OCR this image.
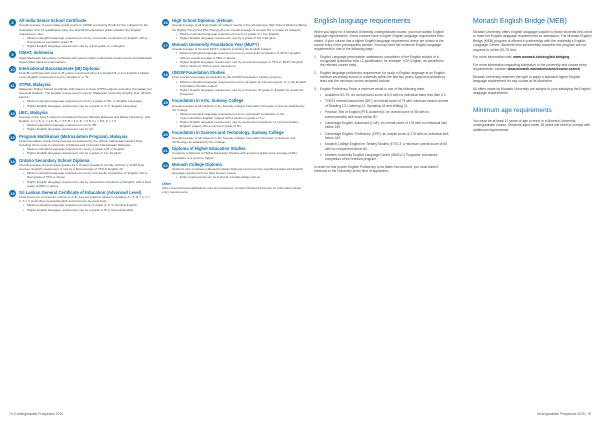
8	All India Senior School Certificate
Overall average of percentage grade points in 'CBSE' (excluding Hindi) for five subjects for the Australian Year 12 qualification plus one final ATAR-equivalent grade satisfies the English requirement, plus:
• Minimum English language requirement met by successful completion of 'English' with a final grade or equivalent grade 'B'.
• Higher English language requirement met by a final grade 'A' in English.
9	ISMAT, Indonesia
State Madrasah Secondary certificate with passes within Indonesian requirements and Madrasah Aliyah (MA) national examinations.
10	International Baccalaureate (IB) Diploma
Final IB certificate with total of 24 points overall including 3 in English B or 4 in English A Higher Level. English requirement met by 'English A' or 'B'.
11	STPM, Malaysia
Malaysian Higher School Certificate with passes in three STPM subjects including 'Pengajian Am' (General Studies). The English requirement is met by 'Malaysian University English Test' (MUET) band 4.
• Minimum English language requirement met by a grade of 'B+' in 'English Language'.
• Higher English language requirement met by a grade of 'A' in 'English Language'.
12	UEC, Malaysia
Average of the best 5 subjects (excluding Chinese, Bahasa Malaysia and Malay Literature), with English: A = 1.5; A- = 2.5; B+ = 3.5; B = 4.5; B- = 5.5; C+ = 6.5; C = 7.5.
• Minimum English language requirement met by B5.
• Higher English language requirement met by A2.
13	Program Matrikulasi (Matriculation Program), Malaysia
Final Cumulative Grade Point Average as awarded by the official matriculation award body including those used in University of Malaya and Universiti Kebangsaan Malaysia.
• Minimum English language requirement met by a grade of B in 'English'.
• Higher English language requirement met by a grade of A in 'English'.
14	Ontario Secondary School Diploma
Overall average of percentage grades for 6 Ontario Academic Credits (OACs) or 4U/M level courses. English requirement is met by a final average of 75% in English 4U.
• Minimum English language requirement met by successful completion of 'English' with a final grade of 70% or above.
• Higher English language requirement met by successful completion of 'English' with a final grade of 80% or above.
15	Sri Lankan General Certificate of Education (Advanced Level)
Final scores for a minimum of three G.C.E. A-Level subjects based on grading: A = 5, B = 4, C = 3, S = 2 (excluding General English and Common General Test).
• Minimum English language requirement met by a grade of 'C' in General English.
• Higher English language requirement met by a grade of 'B' in General English.
16	High School Diploma, Vietnam
Overall average of all final Grade 12 subject results in the Vietnamese High School Diploma (Bang Tot Nghiep Trung Hoc Pho Thong) plus an overall average of at least 8.0 in Grade 12 subjects.
• Minimum English language requirement met by a grade of 7.0 in English.
• Higher English language requirement met by a grade of 8.0 in English.
17	Monash University Foundation Year (MUFY)
Overall average of the best MUFY subjects including the English subject.
• Minimum English language requirement met by successful completion of 'MUFY English' with an overall average of 65% or above.
• Higher English language requirement met by an overall average of 75% in 'MUFY English' with a minimum 70% in each component.
18	UNSW Foundation Studies
Final overall percentage as awarded by the UNSW Foundation Studies program.
• Minimum English language requirement met by 'English' at minimum grade 'C' in the English Foundation Studies subject.
• Higher English language requirement met by a minimum 'B' grade in 'English for Academic Purposes'.
19	Foundation in Arts, Sunway College
Overall average of all subjects in the Sunway College Foundation Program in Arts as awarded by the College.
• Minimum English language requirement met by successful completion of the 'Communicative English' subject with a minimum grade of 'C+'.
• Higher English language requirement met by successful completion of 'Communicative English' subject with a minimum grade of 'B+'.
20	Foundation in Science and Technology, Sunway College
Overall average of all subjects in the Sunway College Foundation Program in Science and Technology as awarded by the College.
21	Diploma of Higher Education Studies
Complete a Diploma of Higher Education Studies with at least a grade point average (GPA) equivalent to a credit or higher.
22	Monash College Diploma
Students who complete a Monash College Diploma must meet the specified grades and English language requirements for their chosen course.
• Entry requirements can be found at monashcollege.edu.au
Other
Other international qualifications may be considered. Contact Monash University for information about entry requirements.
English language requirements

When you apply for a Monash University undergraduate course, you must satisfy English language requirements. Some courses have a higher English language requirement than others. If your course has a higher English language requirement, these are shown in the course entry in the prerequisites section. You may meet the minimum English language requirement in one of the following ways:

1. English Language prerequisite: satisfactory completion of the English subject of a recognised Australian Year 12 qualification, for example, VCE English, as specified in the relevant course entry.
2. English language proficiency requirement: for study in English language at an English-medium secondary school or university within the last two years. Approved proficiency tests and the minimum scores accepted include:
3. English Proficiency Tests: a minimum result in one of the following tests:
• Academic IELTS: an overall band score of 6.5 with no individual band less than 6.0.
• TOEFL Internet-based test (iBT): an overall score of 79 with minimum section scores of Reading 13, Listening 12, Speaking 18 and Writing 21.
• Pearson Test of English (PTE Academic): an overall score of 58 with no communicative skill score below 50.
• Cambridge English: Advanced (CAE): an overall score of 176 with no individual skill below 169.
• Cambridge English: Proficiency (CPE): an overall score of 176 with no individual skill below 169.
• Monash College English for Tertiary Studies (ETS) 3: a minimum overall score of 65 with no component below 60.
• Monash University English Language Centre (MUELC) Programs: successful completion of the relevant program.

In order for this proven English Proficiency to be taken into account, you must submit evidence to the University at the time of application.

Monash English Bridge (MEB)

Monash University offers English language support to those students who need to meet the English language requirements for admission. The Monash English Bridge (MEB) program is offered in partnership with the university's English Language Centre. Students who successfully complete the program are not required to sit the IELTS test.

For more information visit: www.monash.edu/english-bridging

For more information regarding admission to the university and course entry requirements, contact: www.monash.edu/admissions/course-search

Monash University reserves the right to apply a standard higher English language requirement for any course at its discretion.

All offers made by Monash University are subject to your satisfying the English language requirements.

Minimum age requirements

You must be at least 17 years of age to enrol in a Monash University undergraduate course. Students aged under 18 years will need to comply with additional requirements.

74 | Undergraduate Prospectus 2016	Undergraduate Prospectus 2016 | 75
